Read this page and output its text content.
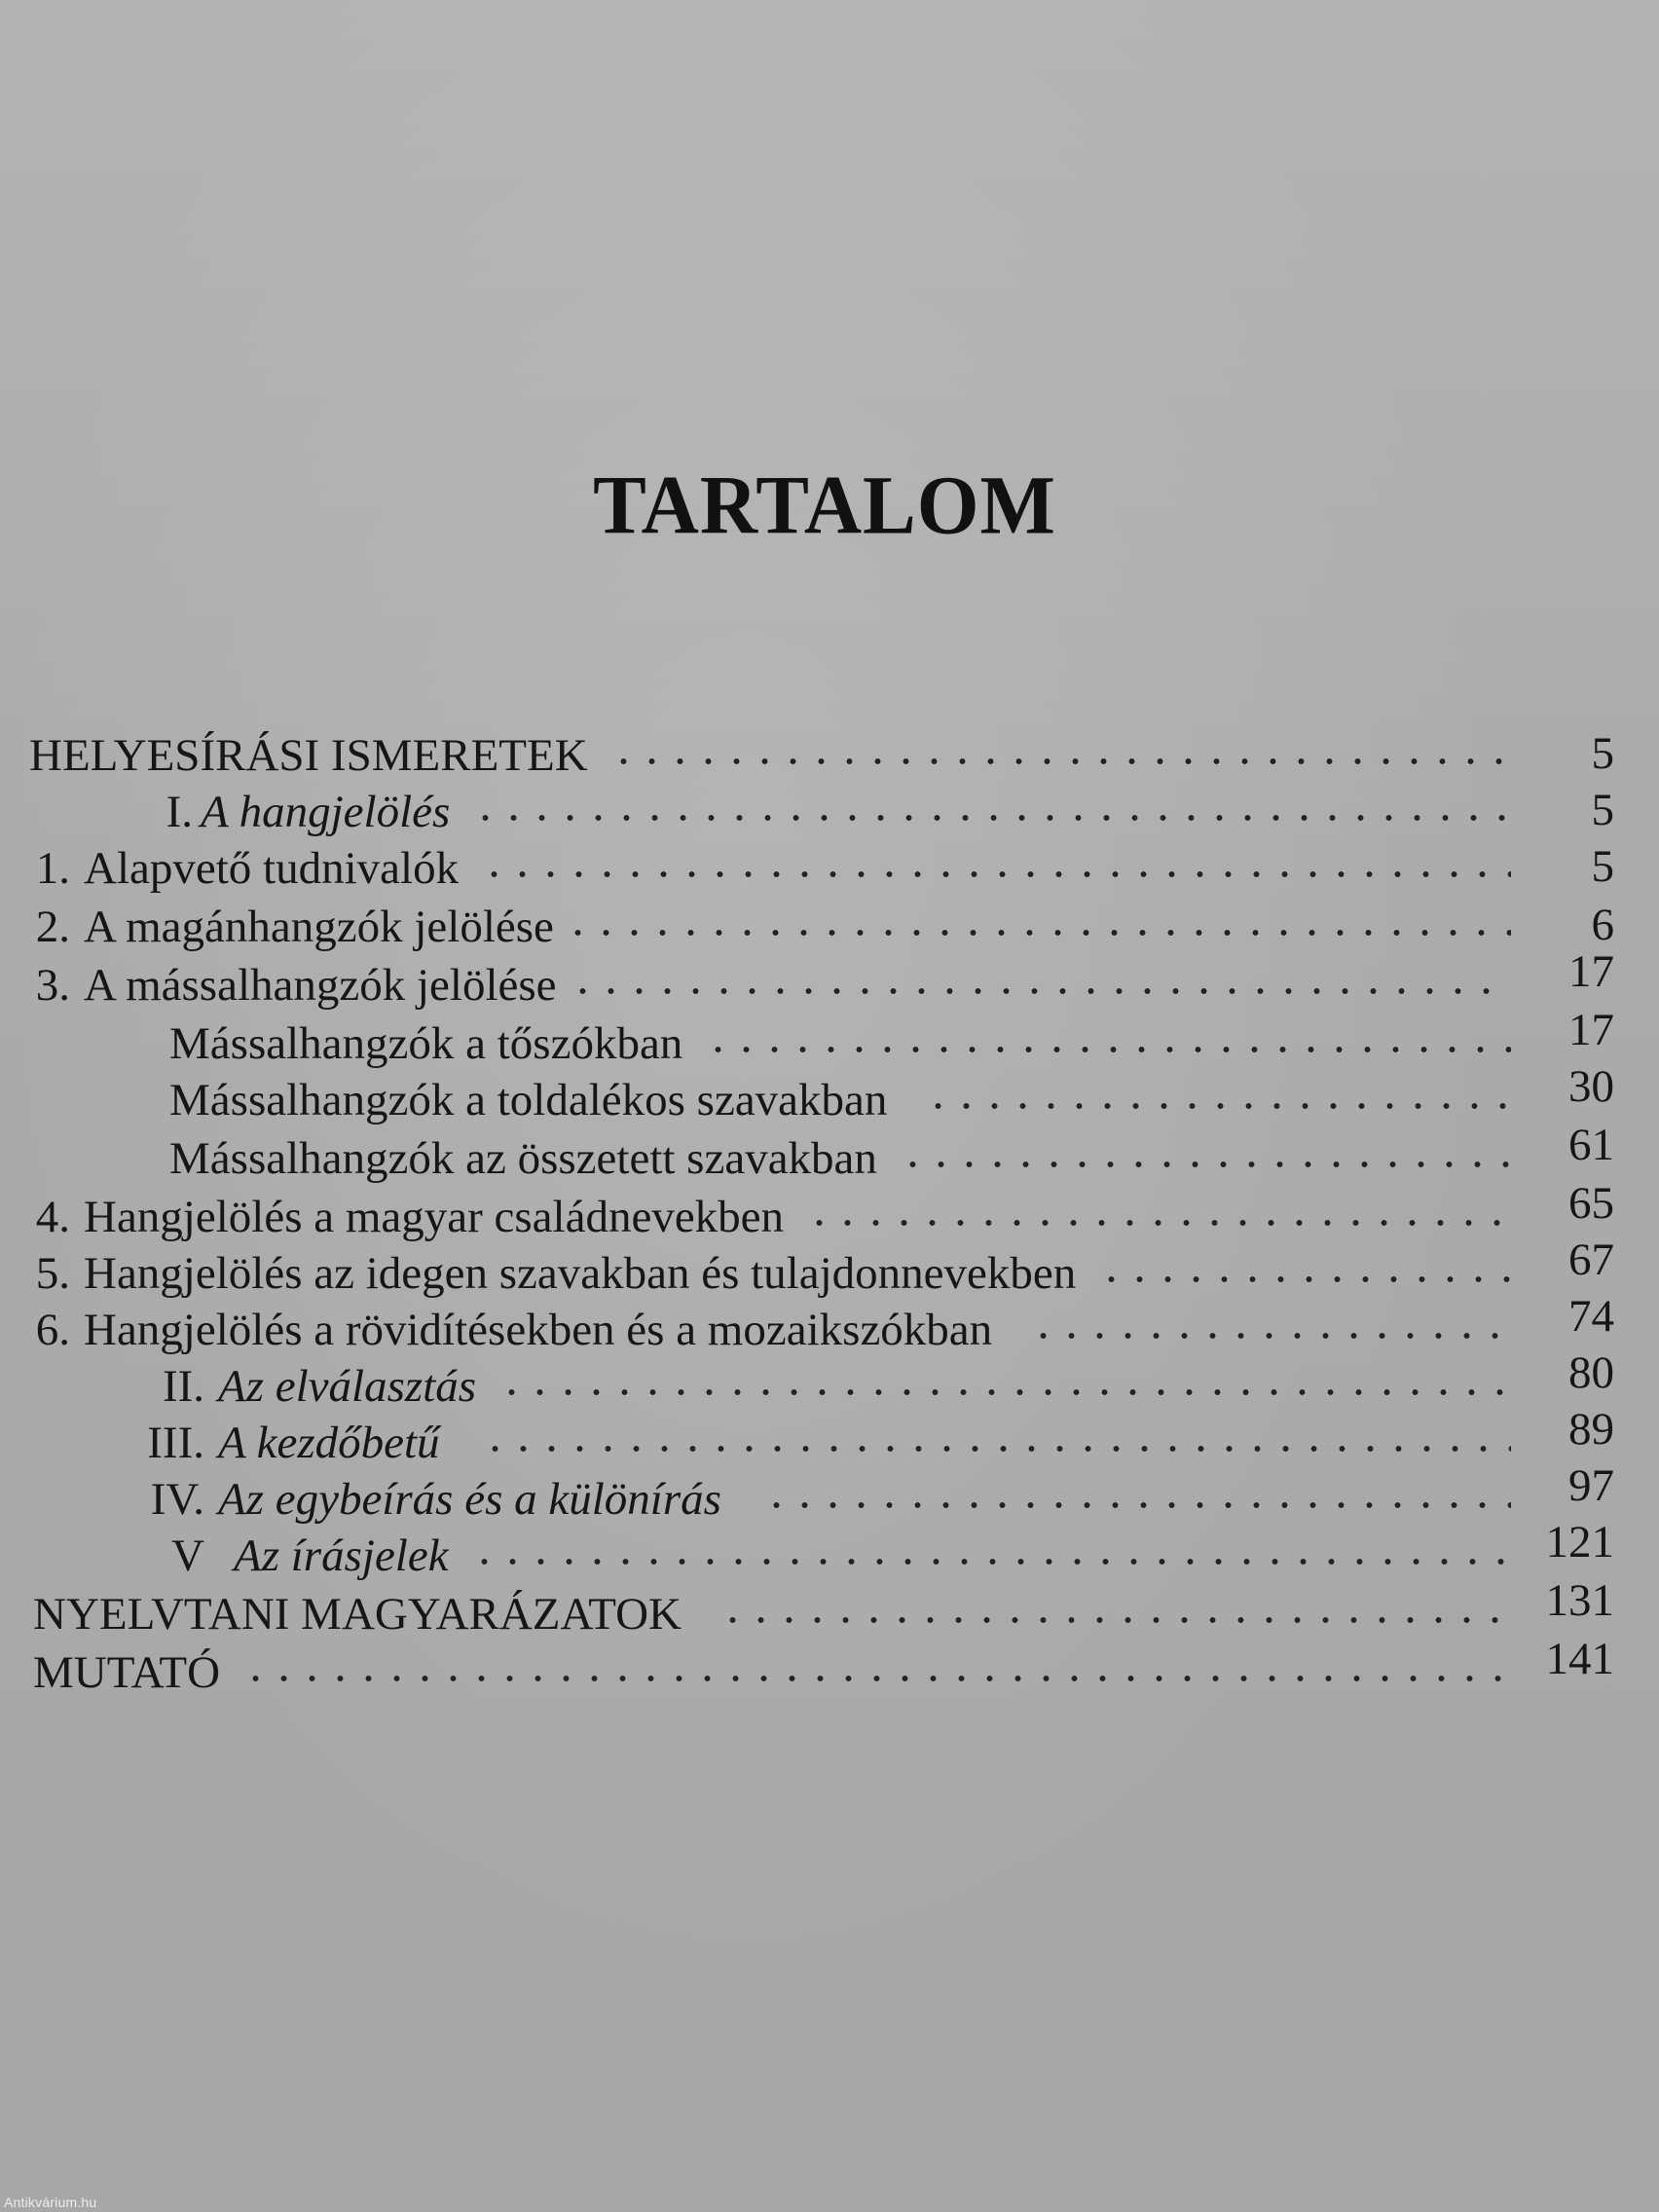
TARTALOM
HELYESÍRÁSI ISMERETEK	5
I. A hangjelölés	5
1. Alapvető tudnivalók	5
2. A magánhangzók jelölése	6
3. A mássalhangzók jelölése	17
Mássalhangzók a tőszókban	17
Mássalhangzók a toldalékos szavakban	30
Mássalhangzók az összetett szavakban	61
4. Hangjelölés a magyar családnevekben	65
5. Hangjelölés az idegen szavakban és tulajdonnevekben	67
6. Hangjelölés a rövidítésekben és a mozaikszókban	74
II. Az elválasztás	80
III. A kezdőbetű	89
IV. Az egybeírás és a különírás	97
V Az írásjelek	121
NYELVTANI MAGYARÁZATOK	131
MUTATÓ	141
Antikvárium.hu
